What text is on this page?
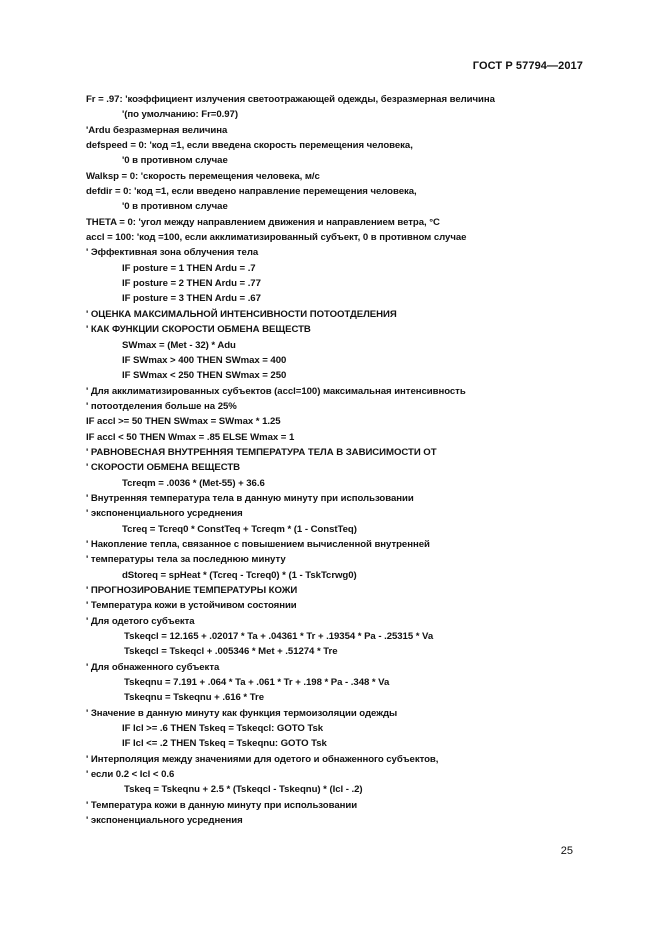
ГОСТ Р 57794—2017
Fr = .97: 'коэффициент излучения светоотражающей одежды, безразмерная величина
'(по умолчанию: Fr=0.97)
'Ardu безразмерная величина
defspeed = 0: 'код =1, если введена скорость перемещения человека,
'0 в противном случае
Walksp = 0: 'скорость перемещения человека, м/с
defdir = 0: 'код =1, если введено направление перемещения человека,
'0 в противном случае
THETA = 0: 'угол между направлением движения и направлением ветра, °С
accl = 100: 'код =100, если акклиматизированный субъект, 0 в противном случае
' Эффективная зона облучения тела
IF posture = 1 THEN Ardu = .7
IF posture = 2 THEN Ardu = .77
IF posture = 3 THEN Ardu = .67
' ОЦЕНКА МАКСИМАЛЬНОЙ ИНТЕНСИВНОСТИ ПОТООТДЕЛЕНИЯ
' КАК ФУНКЦИИ СКОРОСТИ ОБМЕНА ВЕЩЕСТВ
SWmax = (Met - 32) * Adu
IF SWmax > 400 THEN SWmax = 400
IF SWmax < 250 THEN SWmax = 250
' Для акклиматизированных субъектов (accl=100) максимальная интенсивность
' потоотделения больше на 25%
IF accl >= 50 THEN SWmax = SWmax * 1.25
IF accl < 50 THEN Wmax = .85 ELSE Wmax = 1
' РАВНОВЕСНАЯ ВНУТРЕННЯЯ ТЕМПЕРАТУРА ТЕЛА В ЗАВИСИМОСТИ ОТ
' СКОРОСТИ ОБМЕНА ВЕЩЕСТВ
Tcreqm = .0036 * (Met-55) + 36.6
' Внутренняя температура тела в данную минуту при использовании
' экспоненциального усреднения
Tcreq = Tcreq0 * ConstTeq + Tcreqm * (1 - ConstTeq)
' Накопление тепла, связанное с повышением вычисленной внутренней
' температуры тела за последнюю минуту
dStoreq = spHeat * (Tcreq - Tcreq0) * (1 - TskTcrwg0)
' ПРОГНОЗИРОВАНИЕ ТЕМПЕРАТУРЫ КОЖИ
' Температура кожи в устойчивом состоянии
' Для одетого субъекта
Tskeqcl = 12.165 + .02017 * Ta + .04361 * Tr + .19354 * Pa - .25315 * Va
Tskeqcl = Tskeqcl + .005346 * Met + .51274 * Tre
' Для обнаженного субъекта
Tskeqnu = 7.191 + .064 * Ta + .061 * Tr + .198 * Pa - .348 * Va
Tskeqnu = Tskeqnu + .616 * Tre
' Значение в данную минуту как функция термоизоляции одежды
IF Icl >= .6 THEN Tskeq = Tskeqcl: GOTO Tsk
IF Icl <= .2 THEN Tskeq = Tskeqnu: GOTO Tsk
' Интерполяция между значениями для одетого и обнаженного субъектов,
' если 0.2 < Icl < 0.6
Tskeq = Tskeqnu + 2.5 * (Tskeqcl - Tskeqnu) * (Icl - .2)
' Температура кожи в данную минуту при использовании
' экспоненциального усреднения
25
